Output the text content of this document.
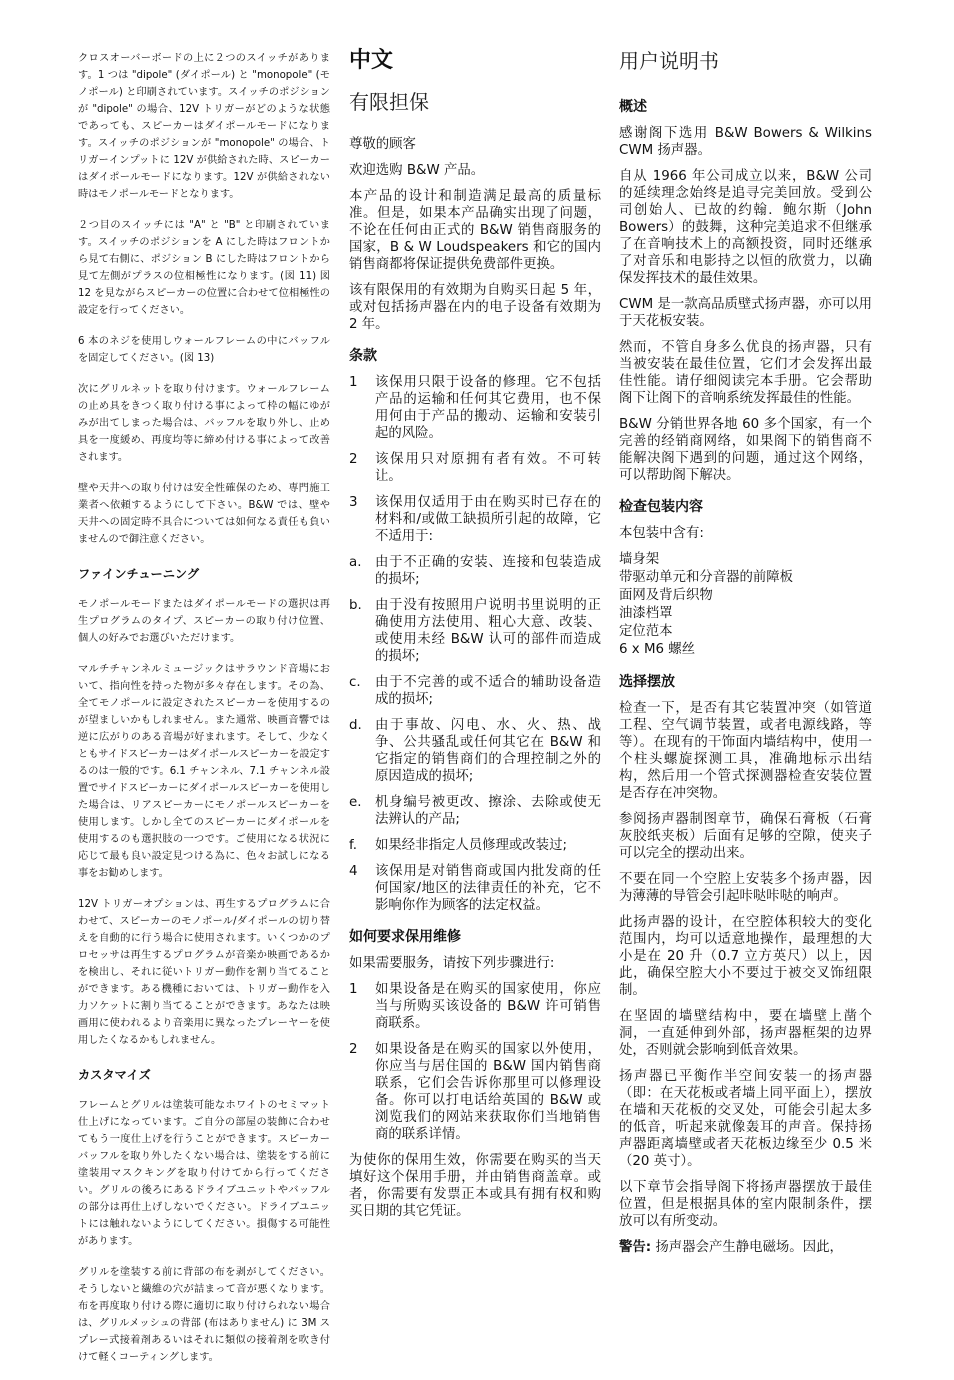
クロスオーバーボードの上に２つのスイッチがあります。1 つは "dipole" (ダイポール) と "monopole" (モノポール) と印刷されています。スイッチのポジションが "dipole" の場合、12V トリガーがどのような状態であっても、スピーカーはダイポールモードになります。スイッチのポジションが "monopole" の場合、トリガーインプットに 12V が供給された時、スピーカーはダイポールモードになります。12V が供給されない時はモノポールモードとなります。

２つ目のスイッチには "A" と "B" と印刷されています。スイッチのポジションを A にした時はフロントから見て右側に、ポジション B にした時はフロントから見て左側がプラスの位相極性になります。(図 11) 図 12 を見ながらスピーカーの位置に合わせて位相極性の設定を行ってください。

6 本のネジを使用しウォールフレームの中にバッフルを固定してください。(図 13)

次にグリルネットを取り付けます。ウォールフレームの止め具をきつく取り付ける事によって枠の幅にゆがみが出てしまった場合は、バッフルを取り外し、止め具を一度緩め、再度均等に締め付ける事によって改善されます。

壁や天井への取り付けは安全性確保のため、専門施工業者へ依頼するようにして下さい。B&W では、壁や天井への固定時不具合については如何なる責任も負いませんので御注意ください。

ファインチューニング

モノポールモードまたはダイポールモードの選択は再生プログラムのタイプ、スピーカーの取り付け位置、個人の好みでお選びいただけます。

マルチチャンネルミュージックはサラウンド音場において、指向性を持った物が多々存在します。その為、全てモノポールに設定されたスピーカーを使用するのが望ましいかもしれません。また通常、映画音響では逆に広がりのある音場が好まれます。そして、少なくともサイドスピーカーはダイポールスピーカーを設定するのは一般的です。6.1 チャンネル、7.1 チャンネル設置でサイドスピーカーにダイポールスピーカーを使用した場合は、リアスピーカーにモノポールスピーカーを使用します。しかし全てのスピーカーにダイポールを使用するのも選択肢の一つです。ご使用になる状況に応じて最も良い設定見つける為に、色々お試しになる事をお勧めします。

12V トリガーオプションは、再生するプログラムに合わせて、スピーカーのモノポール/ダイポールの切り替えを自動的に行う場合に使用されます。いくつかのプロセッサは再生するプログラムが音楽か映画であるかを検出し、それに従いトリガー動作を割り当てることができます。ある機種においては、トリガー動作を入力ソケットに割り当てることができます。あなたは映画用に使われるより音楽用に異なったプレーヤーを使用したくなるかもしれません。

カスタマイズ

フレームとグリルは塗装可能なホワイトのセミマット仕上げになっています。ご自分の部屋の装飾に合わせてもう一度仕上げを行うことができます。スピーカーバッフルを取り外したくない場合は、塗装をする前に塗装用マスクキングを取り付けてから行ってください。グリルの後ろにあるドライブユニットやバッフルの部分は再仕上げしないでください。ドライブユニットには触れないようにしてください。損傷する可能性があります。

グリルを塗装する前に背部の布を剥がしてください。そうしないと繊維の穴が詰まって音が悪くなります。布を再度取り付ける際に適切に取り付けられない場合は、グリルメッシュの背部 (布はありません) に 3M スプレー式接着剤あるいはそれに類似の接着剤を吹き付けて軽くコーティングします。

中文
有限担保

尊敬的顾客

欢迎选购 B&W 产品。

本产品的设计和制造满足最高的质量标准。但是，如果本产品确实出现了问题，不论在任何由正式的 B&W 销售商服务的国家，B & W Loudspeakers 和它的国内销售商都将保证提供免费部件更换。

该有限保用的有效期为自购买日起 5 年，或对包括扬声器在内的电子设备有效期为 2 年。

条款
1	该保用只限于设备的修理。它不包括产品的运输和任何其它费用，也不保用何由于产品的搬动、运输和安装引起的风险。
2	该保用只对原拥有者有效。不可转让。
3	该保用仅适用于由在购买时已存在的材料和/或做工缺损所引起的故障，它不适用于:
a.	由于不正确的安装、连接和包装造成的损坏;
b. 由于没有按照用户说明书里说明的正确使用方法使用、粗心大意、改装、或使用未经 B&W 认可的部件而造成的损坏;
c.	由于不完善的或不适合的辅助设备造成的损坏;
d. 由于事故、闪电、水、火、热、战争、公共骚乱或任何其它在 B&W 和它指定的销售商们的合理控制之外的原因造成的损坏;
e.	机身编号被更改、擦涂、去除或使无法辨认的产品;
f.	如果经非指定人员修理或改装过;
4	该保用是对销售商或国内批发商的任何国家/地区的法律责任的补充，它不影响你作为顾客的法定权益。
如何要求保用维修

如果需要服务，请按下列步骤进行:

1	如果设备是在购买的国家使用，你应当与所购买该设备的 B&W 许可销售商联系。
2	如果设备是在购买的国家以外使用，你应当与居住国的 B&W 国内销售商联系，它们会告诉你那里可以修理设备。你可以打电话给英国的 B&W 或浏览我们的网站来获取你们当地销售商的联系详情。

为使你的保用生效，你需要在购买的当天填好这个保用手册，并由销售商盖章。或者，你需要有发票正本或具有拥有权和购买日期的其它凭证。

用户说明书
概述

感谢阁下选用 B&W Bowers & Wilkins CWM 扬声器。

自从 1966 年公司成立以来，B&W 公司的延续理念始终是追寻完美回放。受到公司创始人、已故的约翰．鲍尔斯（John Bowers）的鼓舞，这种完美追求不但继承了在音响技术上的高额投资，同时还继承了对音乐和电影持之以恒的欣赏力，以确保发挥技术的最佳效果。

CWM 是一款高品质壁式扬声器，亦可以用于天花板安装。

然而，不管自身多么优良的扬声器，只有当被安装在最佳位置，它们才会发挥出最佳性能。请仔细阅读完本手册。它会帮助阁下让阁下的音响系统发挥最佳的性能。

B&W 分销世界各地 60 多个国家，有一个完善的经销商网络，如果阁下的销售商不能解决阁下遇到的问题，通过这个网络，可以帮助阁下解决。

检查包装内容

本包装中含有:

墙身架
带驱动单元和分音器的前障板
面网及背后织物
油漆档罩
定位范本
6 x M6 螺丝
选择摆放

检查一下，是否有其它装置冲突（如管道工程、空气调节装置，或者电源线路，等等）。在现有的干饰面内墙结构中，使用一个柱头螺旋探测工具，准确地标示出结构，然后用一个管式探测器检查安装位置是否存在冲突物。

参阅扬声器制图章节，确保石膏板（石膏灰胶纸夹板）后面有足够的空隙，使夹子可以完全的摆动出来。

不要在同一个空腔上安装多个扬声器，因为薄薄的导管会引起咔哒咔哒的响声。

此扬声器的设计，在空腔体积较大的变化范围内，均可以适意地操作，最理想的大小是在 20 升（0.7 立方英尺）以上，因此，确保空腔大小不要过于被交叉饰纽限制。

在坚固的墙壁结构中，要在墙壁上凿个洞，一直延伸到外部，扬声器框架的边界处，否则就会影响到低音效果。

扬声器已平衡作半空间安装一的扬声器（即：在天花板或者墙上同平面上），摆放在墙和天花板的交叉处，可能会引起太多的低音，听起来就像轰耳的声音。保持扬声器距离墙壁或者天花板边缘至少 0.5 米（20 英寸）。

以下章节会指导阁下将扬声器摆放于最佳位置，但是根据具体的室内限制条件，摆放可以有所变动。

警告: 扬声器会产生静电磁场。因此，
